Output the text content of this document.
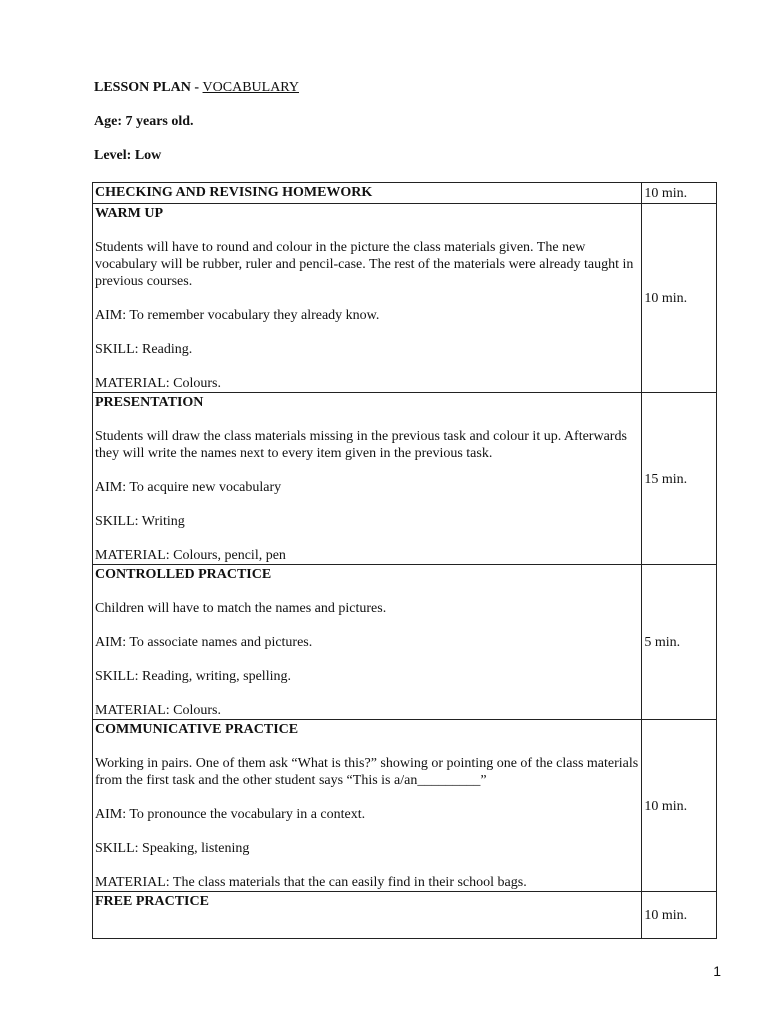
LESSON PLAN - VOCABULARY
Age: 7 years old.
Level: Low
CHECKING AND REVISING HOMEWORK	10 min.

WARM UP
Students will have to round and colour in the picture the class materials given. The new vocabulary will be rubber, ruler and pencil-case. The rest of the materials were already taught in previous courses.
AIM: To remember vocabulary they already know.
SKILL: Reading.
MATERIAL: Colours.	10 min.

PRESENTATION
Students will draw the class materials missing in the previous task and colour it up. Afterwards they will write the names next to every item given in the previous task.
AIM: To acquire new vocabulary
SKILL: Writing
MATERIAL: Colours, pencil, pen	15 min.

CONTROLLED PRACTICE
Children will have to match the names and pictures.
AIM: To associate names and pictures.
SKILL: Reading, writing, spelling.
MATERIAL: Colours.	5 min.

COMMUNICATIVE PRACTICE
Working in pairs. One of them ask “What is this?” showing or pointing one of the class materials from the first task and the other student says “This is a/an_________”
AIM: To pronounce the vocabulary in a context.
SKILL: Speaking, listening
MATERIAL: The class materials that the can easily find in their school bags.	10 min.

FREE PRACTICE	10 min.
1
